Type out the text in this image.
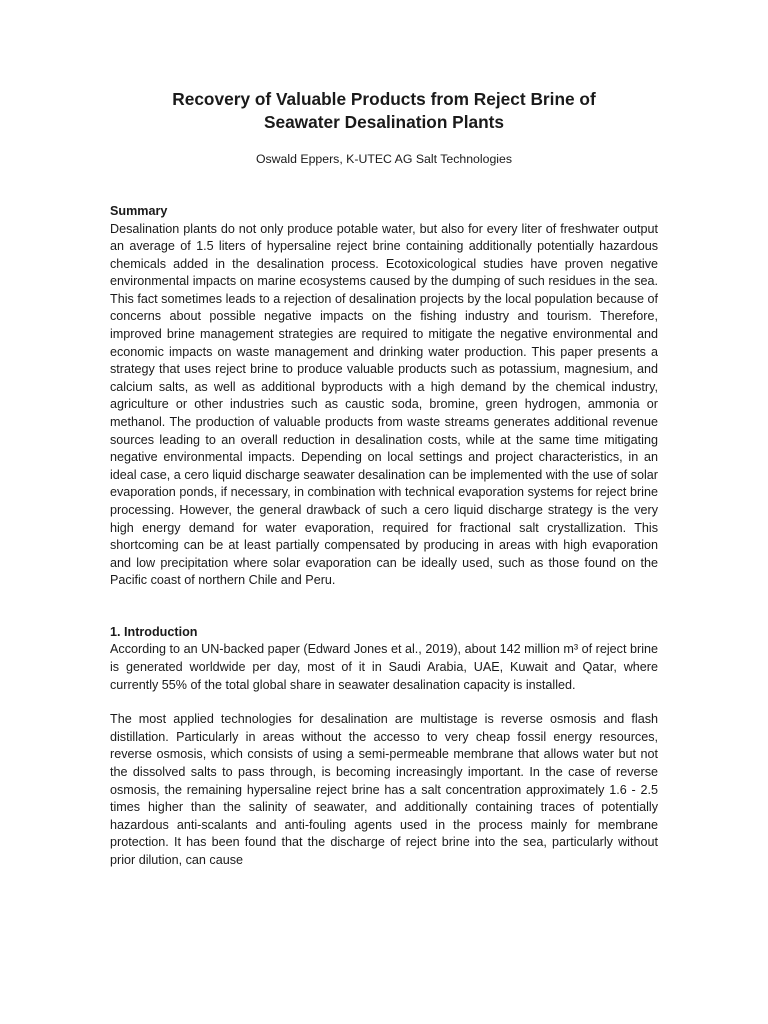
Recovery of Valuable Products from Reject Brine of Seawater Desalination Plants
Oswald Eppers, K-UTEC AG Salt Technologies
Summary

Desalination plants do not only produce potable water, but also for every liter of freshwater output an average of 1.5 liters of hypersaline reject brine containing additionally potentially hazardous chemicals added in the desalination process. Ecotoxicological studies have proven negative environmental impacts on marine ecosystems caused by the dumping of such residues in the sea. This fact sometimes leads to a rejection of desalination projects by the local population because of concerns about possible negative impacts on the fishing industry and tourism. Therefore, improved brine management strategies are required to mitigate the negative environmental and economic impacts on waste management and drinking water production. This paper presents a strategy that uses reject brine to produce valuable products such as potassium, magnesium, and calcium salts, as well as additional byproducts with a high demand by the chemical industry, agriculture or other industries such as caustic soda, bromine, green hydrogen, ammonia or methanol. The production of valuable products from waste streams generates additional revenue sources leading to an overall reduction in desalination costs, while at the same time mitigating negative environmental impacts. Depending on local settings and project characteristics, in an ideal case, a cero liquid discharge seawater desalination can be implemented with the use of solar evaporation ponds, if necessary, in combination with technical evaporation systems for reject brine processing. However, the general drawback of such a cero liquid discharge strategy is the very high energy demand for water evaporation, required for fractional salt crystallization. This shortcoming can be at least partially compensated by producing in areas with high evaporation and low precipitation where solar evaporation can be ideally used, such as those found on the Pacific coast of northern Chile and Peru.

1. Introduction

According to an UN-backed paper (Edward Jones et al., 2019), about 142 million m³ of reject brine is generated worldwide per day, most of it in Saudi Arabia, UAE, Kuwait and Qatar, where currently 55% of the total global share in seawater desalination capacity is installed.

The most applied technologies for desalination are multistage is reverse osmosis and flash distillation. Particularly in areas without the accesso to very cheap fossil energy resources, reverse osmosis, which consists of using a semi-permeable membrane that allows water but not the dissolved salts to pass through, is becoming increasingly important. In the case of reverse osmosis, the remaining hypersaline reject brine has a salt concentration approximately 1.6 - 2.5 times higher than the salinity of seawater, and additionally containing traces of potentially hazardous anti-scalants and anti-fouling agents used in the process mainly for membrane protection. It has been found that the discharge of reject brine into the sea, particularly without prior dilution, can cause
